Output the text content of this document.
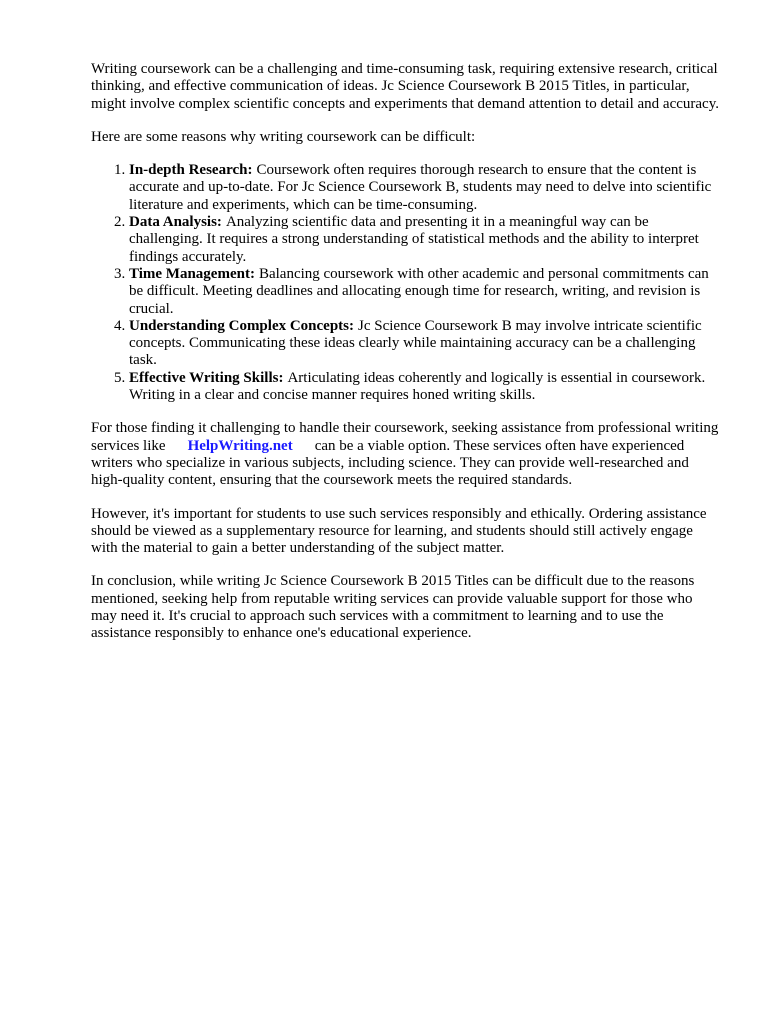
Writing coursework can be a challenging and time-consuming task, requiring extensive research, critical thinking, and effective communication of ideas. Jc Science Coursework B 2015 Titles, in particular, might involve complex scientific concepts and experiments that demand attention to detail and accuracy.

Here are some reasons why writing coursework can be difficult:

1. In-depth Research: Coursework often requires thorough research to ensure that the content is accurate and up-to-date. For Jc Science Coursework B, students may need to delve into scientific literature and experiments, which can be time-consuming.
2. Data Analysis: Analyzing scientific data and presenting it in a meaningful way can be challenging. It requires a strong understanding of statistical methods and the ability to interpret findings accurately.
3. Time Management: Balancing coursework with other academic and personal commitments can be difficult. Meeting deadlines and allocating enough time for research, writing, and revision is crucial.
4. Understanding Complex Concepts: Jc Science Coursework B may involve intricate scientific concepts. Communicating these ideas clearly while maintaining accuracy can be a challenging task.
5. Effective Writing Skills: Articulating ideas coherently and logically is essential in coursework. Writing in a clear and concise manner requires honed writing skills.

For those finding it challenging to handle their coursework, seeking assistance from professional writing services like HelpWriting.net can be a viable option. These services often have experienced writers who specialize in various subjects, including science. They can provide well-researched and high-quality content, ensuring that the coursework meets the required standards.

However, it's important for students to use such services responsibly and ethically. Ordering assistance should be viewed as a supplementary resource for learning, and students should still actively engage with the material to gain a better understanding of the subject matter.

In conclusion, while writing Jc Science Coursework B 2015 Titles can be difficult due to the reasons mentioned, seeking help from reputable writing services can provide valuable support for those who may need it. It's crucial to approach such services with a commitment to learning and to use the assistance responsibly to enhance one's educational experience.
